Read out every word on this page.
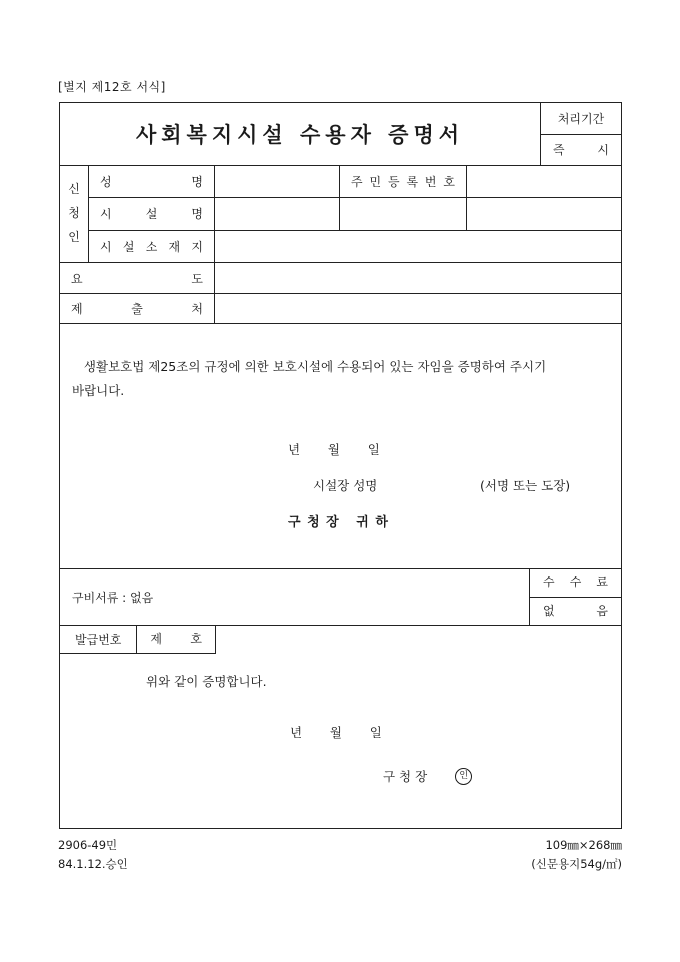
[별지 제12호 서식]
사회복지시설 수용자 증명서
처리기간
즉 시
신
청
인
성 명	주 민 등 록 번 호
시 설 명
시 설 소 재 지
요 도
제 출 처
생활보호법 제25조의 규정에 의한 보호시설에 수용되어 있는 자임을 증명하여 주시기
바랍니다.
년       월       일
시설장 성명	(서명 또는 도장)
구 청 장   귀 하
구비서류 : 없음
수 수 료
없 음
발급번호	제 호
위와 같이 증명합니다.
년       월       일
구 청 장	인
2906-49민
84.1.12.승인
109㎜×268㎜
(신문용지54g/㎡)
